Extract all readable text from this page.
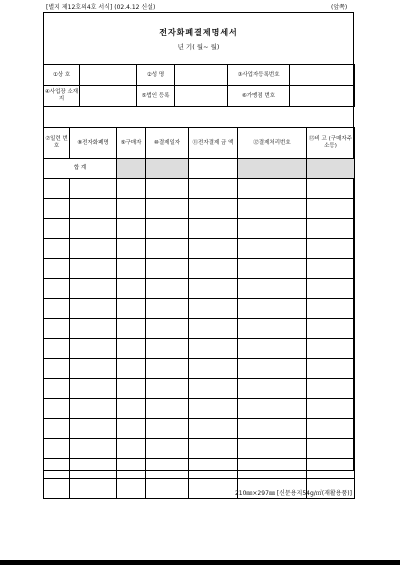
[별지 제12호의4호 서식] (02.4.12 신설)	(앞쪽)
전자화폐결제명세서
년 기( 월~ 월)
①상 호		②성 명		③사업자등록번호	
④사업장 소재지		⑤법인 등록		⑥가맹점 번호	
⑦일련 번호	⑧전자화폐명	⑨구매자	⑩결제일자	⑪전자결제 금 액	⑫결제처리번호	⑬비 고 (구매자주소등)
합 계						

210㎜×297㎜ [신문용지54g/㎡(재활용품)]
